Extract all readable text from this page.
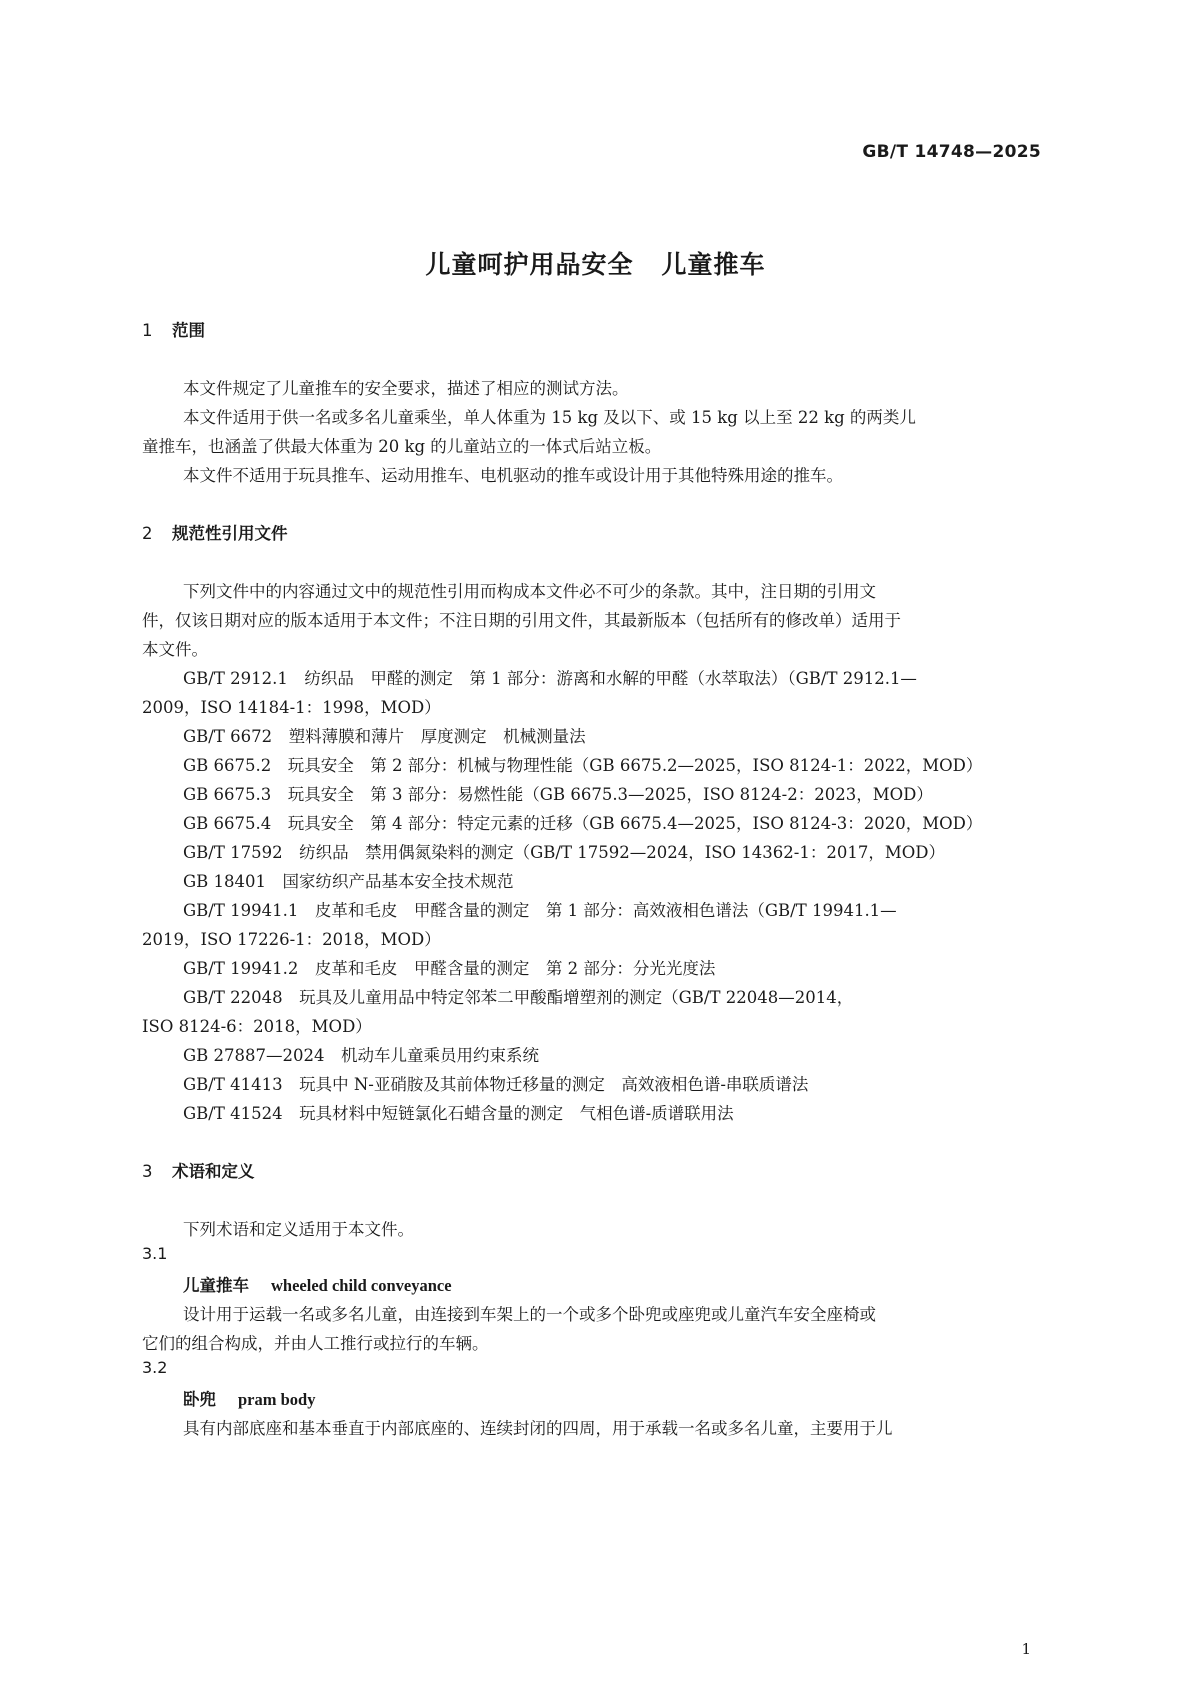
GB/T 14748—2025
儿童呵护用品安全 儿童推车
1 范围
本文件规定了儿童推车的安全要求，描述了相应的测试方法。
本文件适用于供一名或多名儿童乘坐，单人体重为 15 kg 及以下、或 15 kg 以上至 22 kg 的两类儿
童推车，也涵盖了供最大体重为 20 kg 的儿童站立的一体式后站立板。
本文件不适用于玩具推车、运动用推车、电机驱动的推车或设计用于其他特殊用途的推车。
2 规范性引用文件
下列文件中的内容通过文中的规范性引用而构成本文件必不可少的条款。其中，注日期的引用文
件，仅该日期对应的版本适用于本文件；不注日期的引用文件，其最新版本（包括所有的修改单）适用于
本文件。
GB/T 2912.1　纺织品　甲醛的测定　第 1 部分：游离和水解的甲醛（水萃取法）（GB/T 2912.1—
2009，ISO 14184-1：1998，MOD）
GB/T 6672　塑料薄膜和薄片　厚度测定　机械测量法
GB 6675.2　玩具安全　第 2 部分：机械与物理性能（GB 6675.2—2025，ISO 8124-1：2022，MOD）
GB 6675.3　玩具安全　第 3 部分：易燃性能（GB 6675.3—2025，ISO 8124-2：2023，MOD）
GB 6675.4　玩具安全　第 4 部分：特定元素的迁移（GB 6675.4—2025，ISO 8124-3：2020，MOD）
GB/T 17592　纺织品　禁用偶氮染料的测定（GB/T 17592—2024，ISO 14362-1：2017，MOD）
GB 18401　国家纺织产品基本安全技术规范
GB/T 19941.1　皮革和毛皮　甲醛含量的测定　第 1 部分：高效液相色谱法（GB/T 19941.1—
2019，ISO 17226-1：2018，MOD）
GB/T 19941.2　皮革和毛皮　甲醛含量的测定　第 2 部分：分光光度法
GB/T 22048　玩具及儿童用品中特定邻苯二甲酸酯增塑剂的测定（GB/T 22048—2014，
ISO 8124-6：2018，MOD）
GB 27887—2024　机动车儿童乘员用约束系统
GB/T 41413　玩具中 N-亚硝胺及其前体物迁移量的测定　高效液相色谱-串联质谱法
GB/T 41524　玩具材料中短链氯化石蜡含量的测定　气相色谱-质谱联用法
3 术语和定义
下列术语和定义适用于本文件。
3.1
儿童推车 wheeled child conveyance
设计用于运载一名或多名儿童，由连接到车架上的一个或多个卧兜或座兜或儿童汽车安全座椅或
它们的组合构成，并由人工推行或拉行的车辆。
3.2
卧兜 pram body
具有内部底座和基本垂直于内部底座的、连续封闭的四周，用于承载一名或多名儿童，主要用于儿
1
